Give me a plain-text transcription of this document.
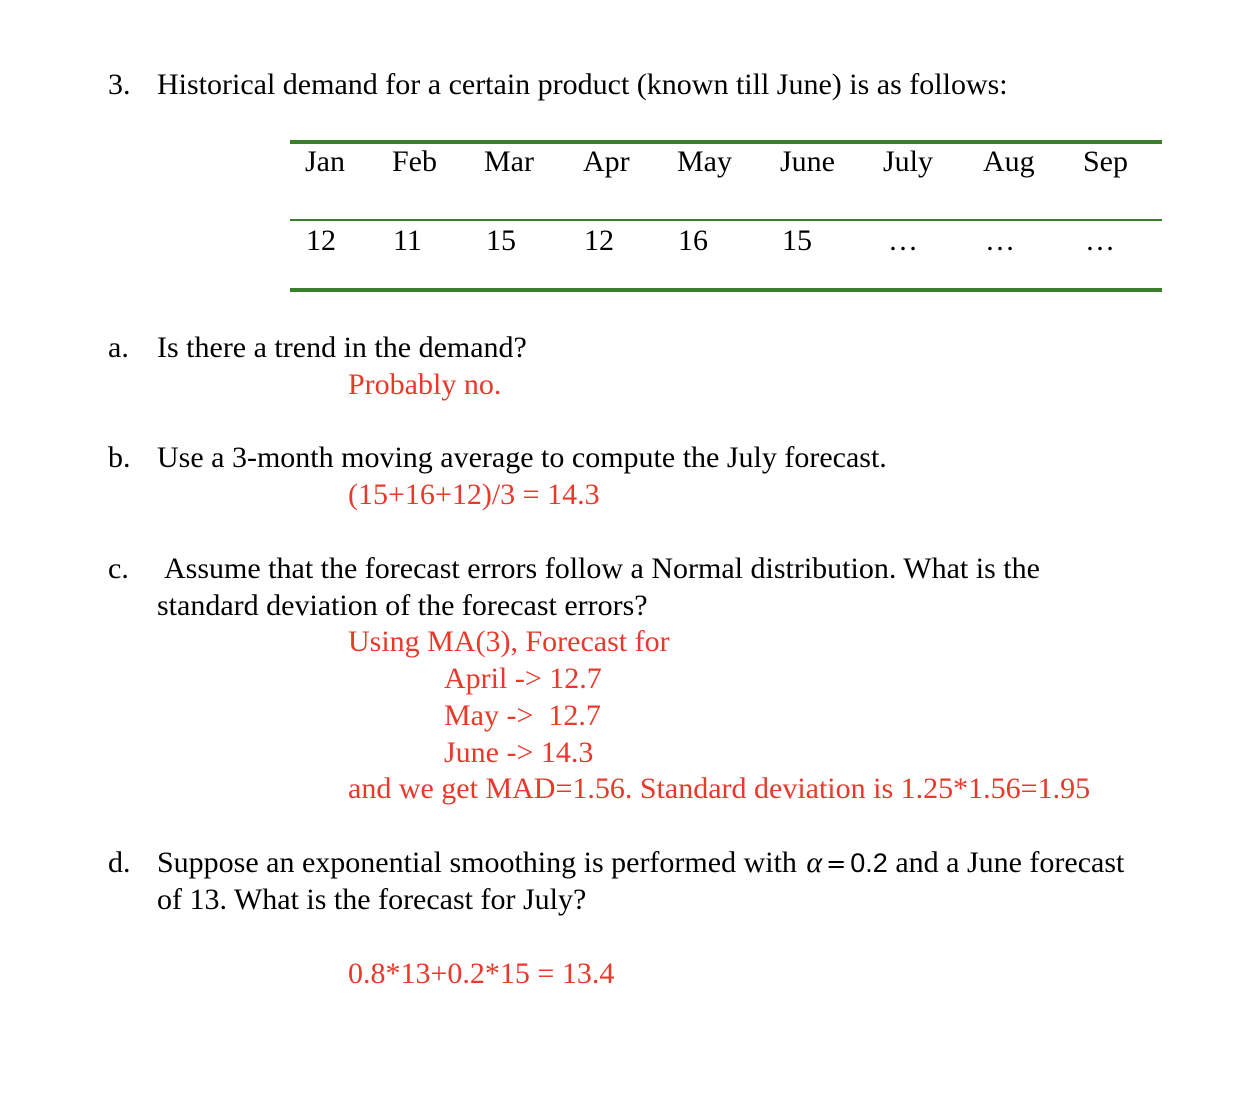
3. Historical demand for a certain product (known till June) is as follows:
Jan Feb Mar Apr May June July Aug Sep
12 11 15 12 16 15	… … …
a. Is there a trend in the demand?
Probably no.
b. Use a 3-month moving average to compute the July forecast.
(15+16+12)/3 = 14.3
c. Assume that the forecast errors follow a Normal distribution. What is the
standard deviation of the forecast errors?
Using MA(3), Forecast for
April -> 12.7
May ->  12.7
June -> 14.3
and we get MAD=1.56. Standard deviation is 1.25*1.56=1.95
d. Suppose an exponential smoothing is performed with α = 0.2 and a June forecast
of 13. What is the forecast for July?
0.8*13+0.2*15 = 13.4
